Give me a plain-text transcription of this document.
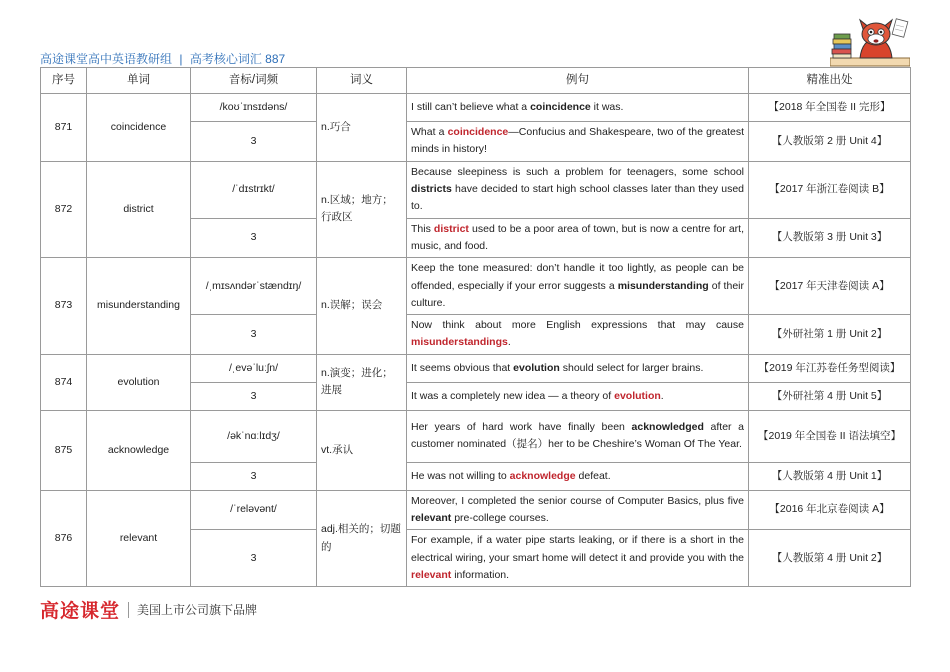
高途课堂高中英语教研组 | 高考核心词汇 887
序号	单词	音标/词频	词义	例句	精准出处
871	coincidence	/koʊˈɪnsɪdəns/	n.巧合	I still can’t believe what a coincidence it was.	【2018 年全国卷 II 完形】
		3		What a coincidence—Confucius and Shakespeare, two of the greatest minds in history!	【人教版第 2 册 Unit 4】
872	district	/ˈdɪstrɪkt/	n.区域；地方；行政区	Because sleepiness is such a problem for teenagers, some school districts have decided to start high school classes later than they used to.	【2017 年浙江卷阅读 B】
		3		This district used to be a poor area of town, but is now a centre for art, music, and food.	【人教版第 3 册 Unit 3】
873	misunderstanding	/ˌmɪsʌndərˈstændɪŋ/	n.误解；误会	Keep the tone measured: don’t handle it too lightly, as people can be offended, especially if your error suggests a misunderstanding of their culture.	【2017 年天津卷阅读 A】
		3		Now think about more English expressions that may cause misunderstandings.	【外研社第 1 册 Unit 2】
874	evolution	/ˌevəˈluːʃn/	n.演变；进化；进展	It seems obvious that evolution should select for larger brains.	【2019 年江苏卷任务型阅读】
		3		It was a completely new idea — a theory of evolution.	【外研社第 4 册 Unit 5】
875	acknowledge	/əkˈnɑːlɪdʒ/	vt.承认	Her years of hard work have finally been acknowledged after a customer nominated（提名）her to be Cheshire’s Woman Of The Year.	【2019 年全国卷 II 语法填空】
		3		He was not willing to acknowledge defeat.	【人教版第 4 册 Unit 1】
876	relevant	/ˈreləvənt/	adj.相关的；切题的	Moreover, I completed the senior course of Computer Basics, plus five relevant pre-college courses.	【2016 年北京卷阅读 A】
		3		For example, if a water pipe starts leaking, or if there is a short in the electrical wiring, your smart home will detect it and provide you with the relevant information.	【人教版第 4 册 Unit 2】
高途课堂 美国上市公司旗下品牌
